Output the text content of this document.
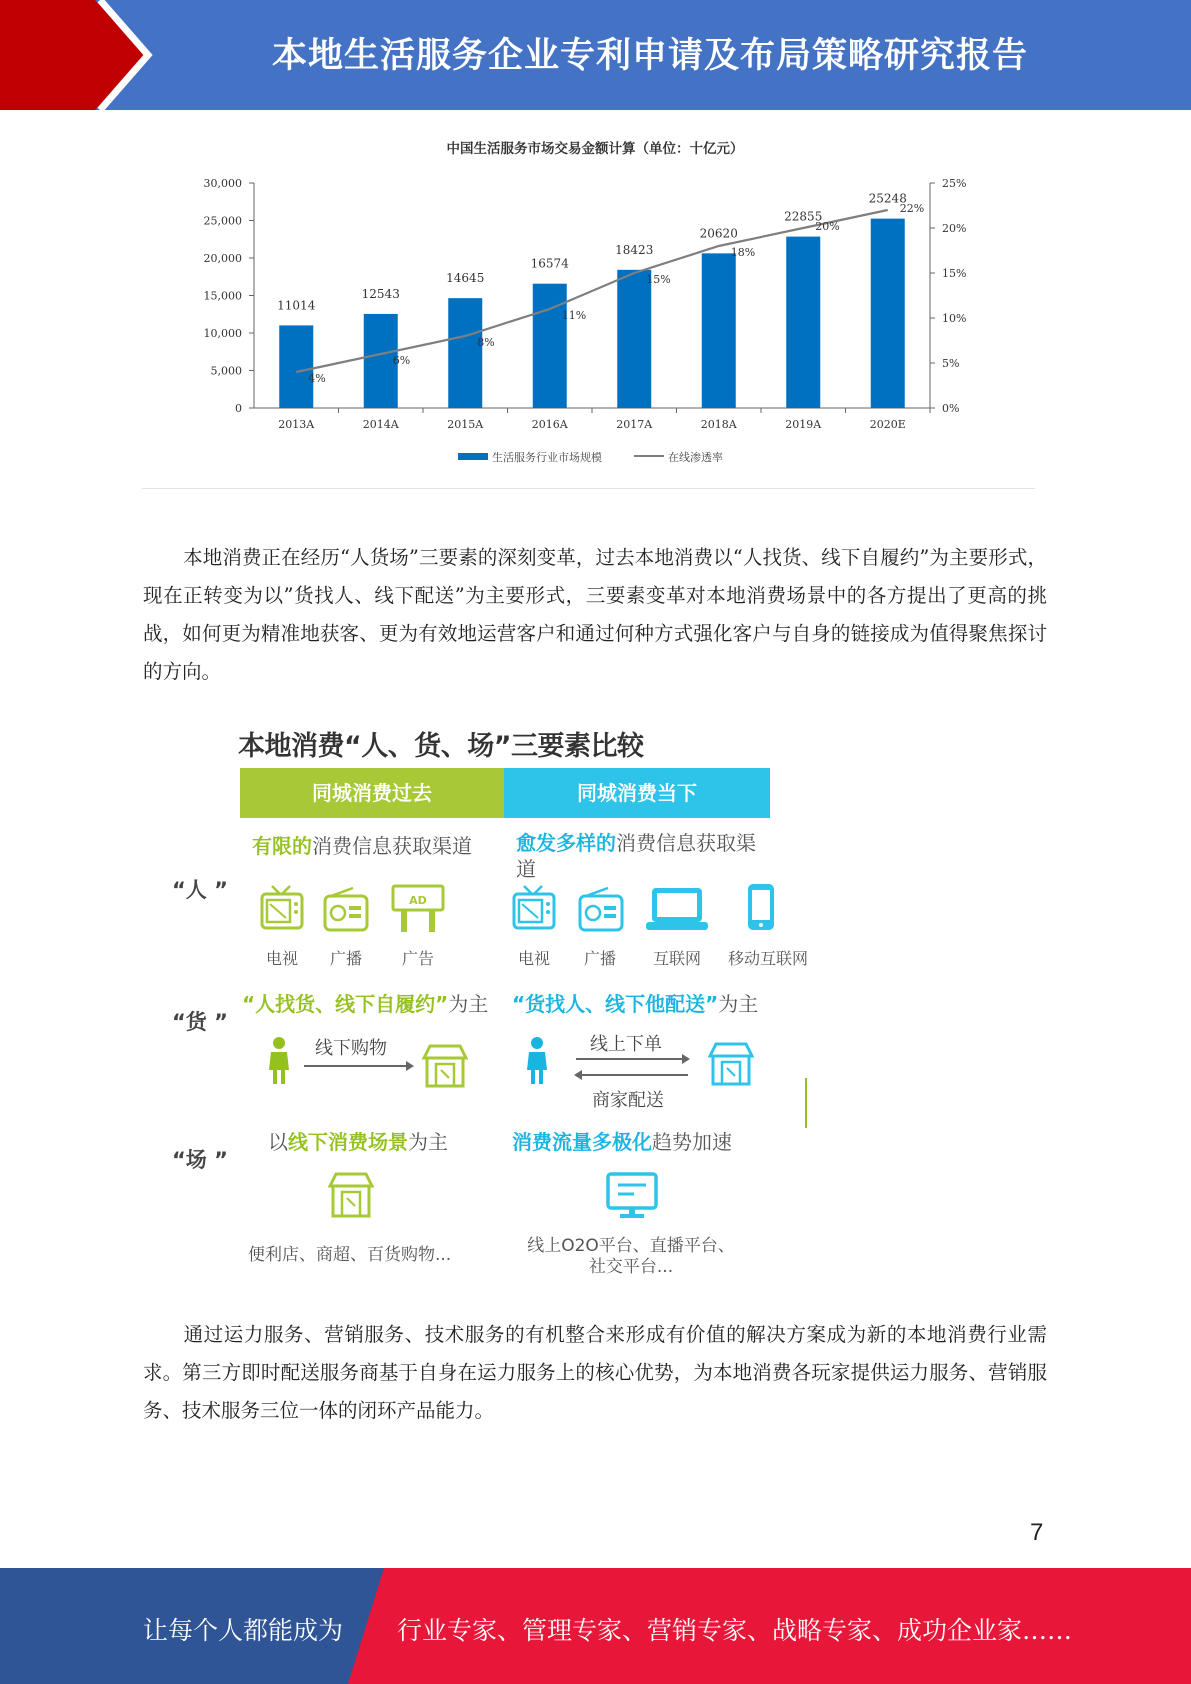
本地生活服务企业专利申请及布局策略研究报告
中国生活服务市场交易金额计算（单位：十亿元）
0
5,000
10,000
15,000
20,000
25,000
30,000
0%
5%
10%
15%
20%
25%
2013A	2014A	2015A	2016A	2017A	2018A	2019A	2020E
11014
12543
14645
16574
18423
20620
22855
25248
4%
6%
8%
11%
15%
18%
20%
22%
生活服务行业市场规模	在线渗透率
本地消费正在经历“人货场”三要素的深刻变革，过去本地消费以“人找货、线下自履约”为主要形式，现在正转变为以”货找人、线下配送”为主要形式，三要素变革对本地消费场景中的各方提出了更高的挑战，如何更为精准地获客、更为有效地运营客户和通过何种方式强化客户与自身的链接成为值得聚焦探讨的方向。
本地消费“人、货、场”三要素比较
同城消费过去	同城消费当下
“人 ”
“货 ”
“场 ”
有限的消费信息获取渠道 愈发多样的消费信息获取渠道
AD
电视	广播	广告	电视	广播	互联网	移动互联网
“人找货、线下自履约”为主 “货找人、线下他配送”为主
线下购物	线上下单
商家配送
以线下消费场景为主	消费流量多极化趋势加速
便利店、商超、百货购物...	线上O2O平台、直播平台、
社交平台...
通过运力服务、营销服务、技术服务的有机整合来形成有价值的解决方案成为新的本地消费行业需求。第三方即时配送服务商基于自身在运力服务上的核心优势，为本地消费各玩家提供运力服务、营销服务、技术服务三位一体的闭环产品能力。
7
让每个人都能成为 行业专家、管理专家、营销专家、战略专家、成功企业家……
